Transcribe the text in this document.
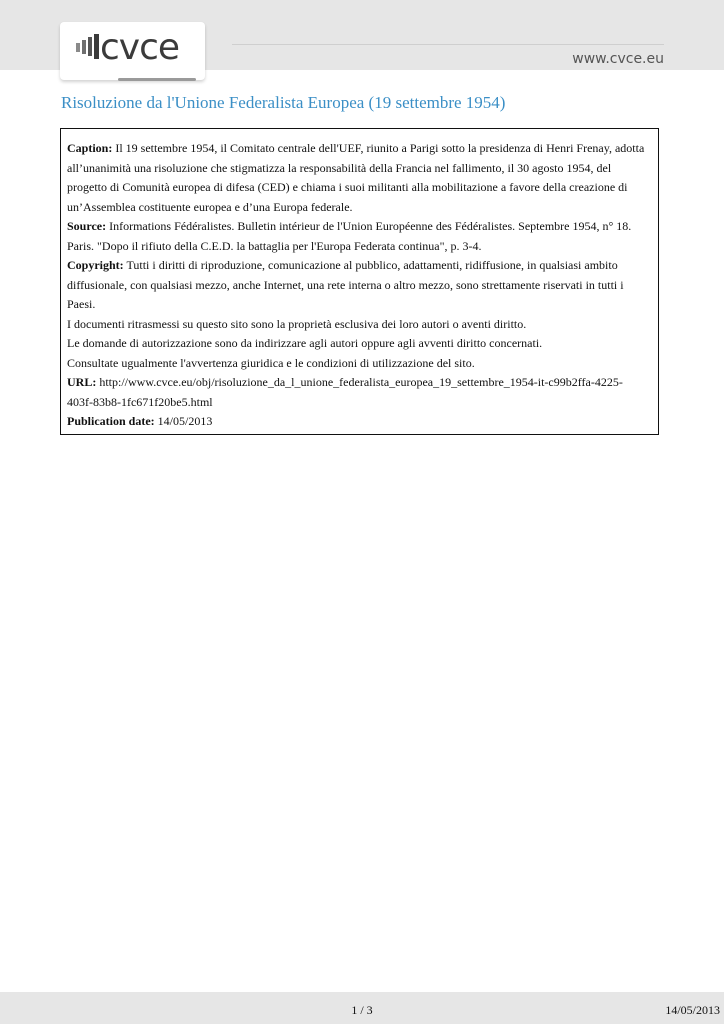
cvce	www.cvce.eu
Risoluzione da l'Unione Federalista Europea (19 settembre 1954)

Caption: Il 19 settembre 1954, il Comitato centrale dell'UEF, riunito a Parigi sotto la presidenza di Henri Frenay, adotta all’unanimità una risoluzione che stigmatizza la responsabilità della Francia nel fallimento, il 30 agosto 1954, del progetto di Comunità europea di difesa (CED) e chiama i suoi militanti alla mobilitazione a favore della creazione di un’Assemblea costituente europea e d’una Europa federale.

Source: Informations Fédéralistes. Bulletin intérieur de l'Union Européenne des Fédéralistes. Septembre 1954, n° 18. Paris. "Dopo il rifiuto della C.E.D. la battaglia per l'Europa Federata continua", p. 3-4.

Copyright: Tutti i diritti di riproduzione, comunicazione al pubblico, adattamenti, ridiffusione, in qualsiasi ambito diffusionale, con qualsiasi mezzo, anche Internet, una rete interna o altro mezzo, sono strettamente riservati in tutti i Paesi.

I documenti ritrasmessi su questo sito sono la proprietà esclusiva dei loro autori o aventi diritto.

Le domande di autorizzazione sono da indirizzare agli autori oppure agli avventi diritto concernati.

Consultate ugualmente l'avvertenza giuridica e le condizioni di utilizzazione del sito.

URL: http://www.cvce.eu/obj/risoluzione_da_l_unione_federalista_europea_19_settembre_1954-it-c99b2ffa-4225-403f-83b8-1fc671f20be5.html

Publication date: 14/05/2013

1 / 3	14/05/2013
